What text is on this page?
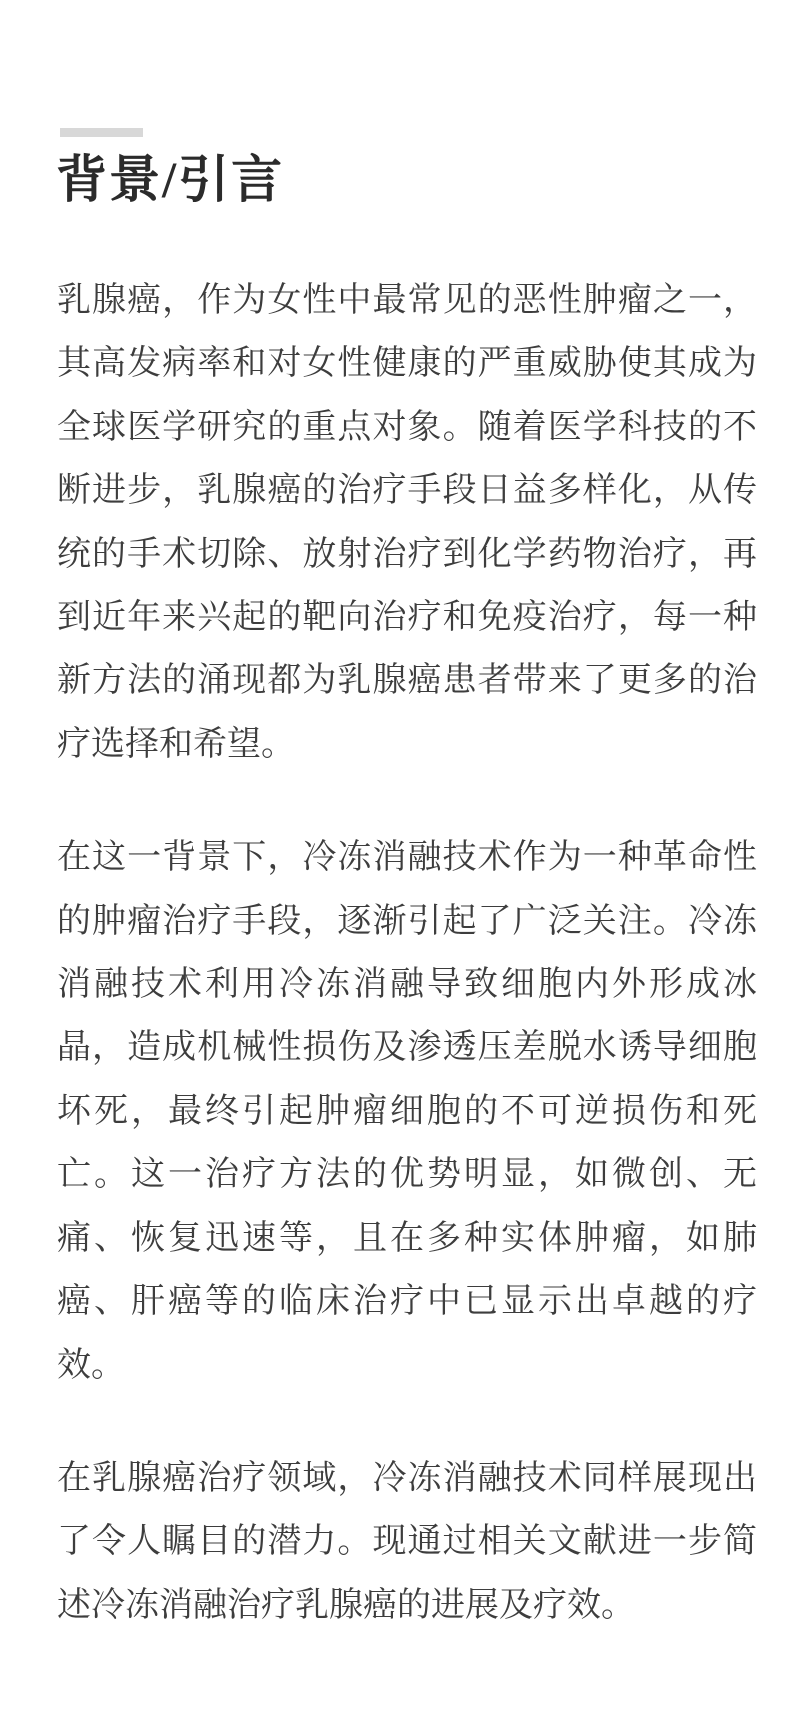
背景/引言

乳腺癌，作为女性中最常见的恶性肿瘤之一，其高发病率和对女性健康的严重威胁使其成为全球医学研究的重点对象。随着医学科技的不断进步，乳腺癌的治疗手段日益多样化，从传统的手术切除、放射治疗到化学药物治疗，再到近年来兴起的靶向治疗和免疫治疗，每一种新方法的涌现都为乳腺癌患者带来了更多的治疗选择和希望。

在这一背景下，冷冻消融技术作为一种革命性的肿瘤治疗手段，逐渐引起了广泛关注。冷冻消融技术利用冷冻消融导致细胞内外形成冰晶，造成机械性损伤及渗透压差脱水诱导细胞坏死，最终引起肿瘤细胞的不可逆损伤和死亡。这一治疗方法的优势明显，如微创、无痛、恢复迅速等，且在多种实体肿瘤，如肺癌、肝癌等的临床治疗中已显示出卓越的疗效。

在乳腺癌治疗领域，冷冻消融技术同样展现出了令人瞩目的潜力。现通过相关文献进一步简述冷冻消融治疗乳腺癌的进展及疗效。
